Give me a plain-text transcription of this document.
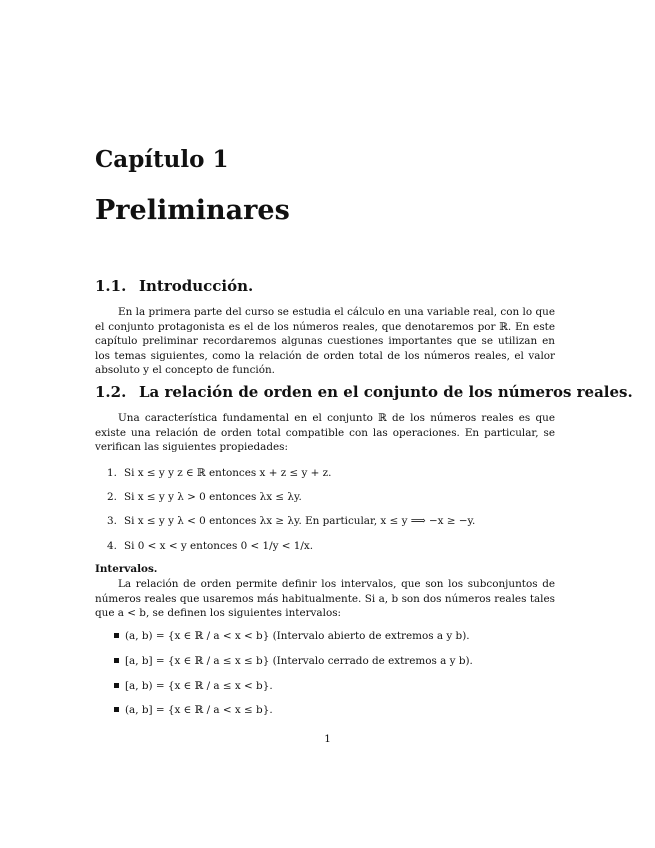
Capítulo 1
Preliminares
1.1. Introducción.

En la primera parte del curso se estudia el cálculo en una variable real, con lo que el conjunto protagonista es el de los números reales, que denotaremos por ℝ. En este capítulo preliminar recordaremos algunas cuestiones importantes que se utilizan en los temas siguientes, como la relación de orden total de los números reales, el valor absoluto y el concepto de función.

1.2. La relación de orden en el conjunto de los números reales.

Una característica fundamental en el conjunto ℝ de los números reales es que existe una relación de orden total compatible con las operaciones. En particular, se verifican las siguientes propiedades:

1. Si x ≤ y y z ∈ ℝ entonces x + z ≤ y + z.
2. Si x ≤ y y λ > 0 entonces λx ≤ λy.
3. Si x ≤ y y λ < 0 entonces λx ≥ λy. En particular, x ≤ y ⟹ −x ≥ −y.
4. Si 0 < x < y entonces 0 < 1/y < 1/x.
Intervalos.

La relación de orden permite definir los intervalos, que son los subconjuntos de números reales que usaremos más habitualmente. Si a, b son dos números reales tales que a < b, se definen los siguientes intervalos:

(a, b) = {x ∈ ℝ / a < x < b} (Intervalo abierto de extremos a y b).
[a, b] = {x ∈ ℝ / a ≤ x ≤ b} (Intervalo cerrado de extremos a y b).
[a, b) = {x ∈ ℝ / a ≤ x < b}.
(a, b] = {x ∈ ℝ / a < x ≤ b}.
1
